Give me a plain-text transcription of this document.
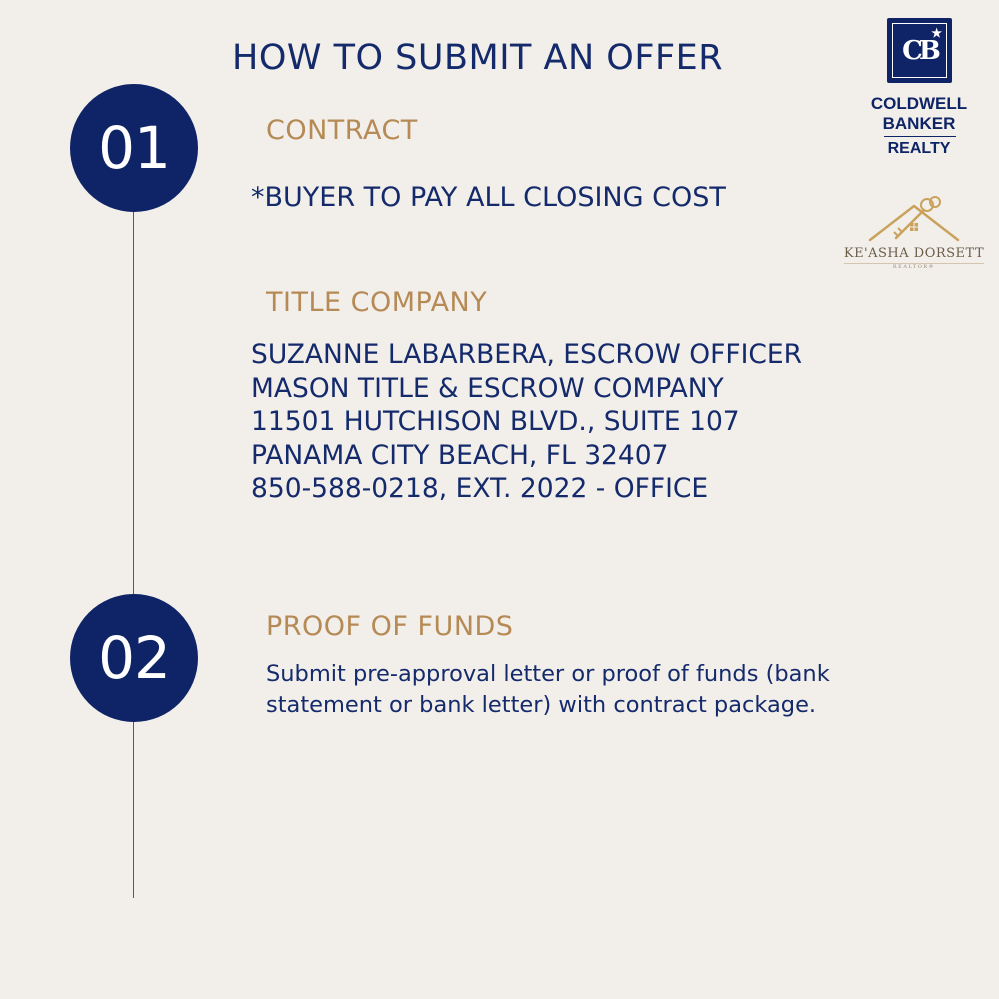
HOW TO SUBMIT AN OFFER
01
02
CONTRACT
*BUYER TO PAY ALL CLOSING COST
TITLE COMPANY
SUZANNE LABARBERA, ESCROW OFFICER
MASON TITLE & ESCROW COMPANY
11501 HUTCHISON BLVD., SUITE 107
PANAMA CITY BEACH, FL 32407
850-588-0218, EXT. 2022 - OFFICE
PROOF OF FUNDS
Submit pre-approval letter or proof of funds (bank
statement or bank letter) with contract package.
CB
★
COLDWELL
BANKER
REALTY
KE'ASHA DORSETT
REALTOR®
